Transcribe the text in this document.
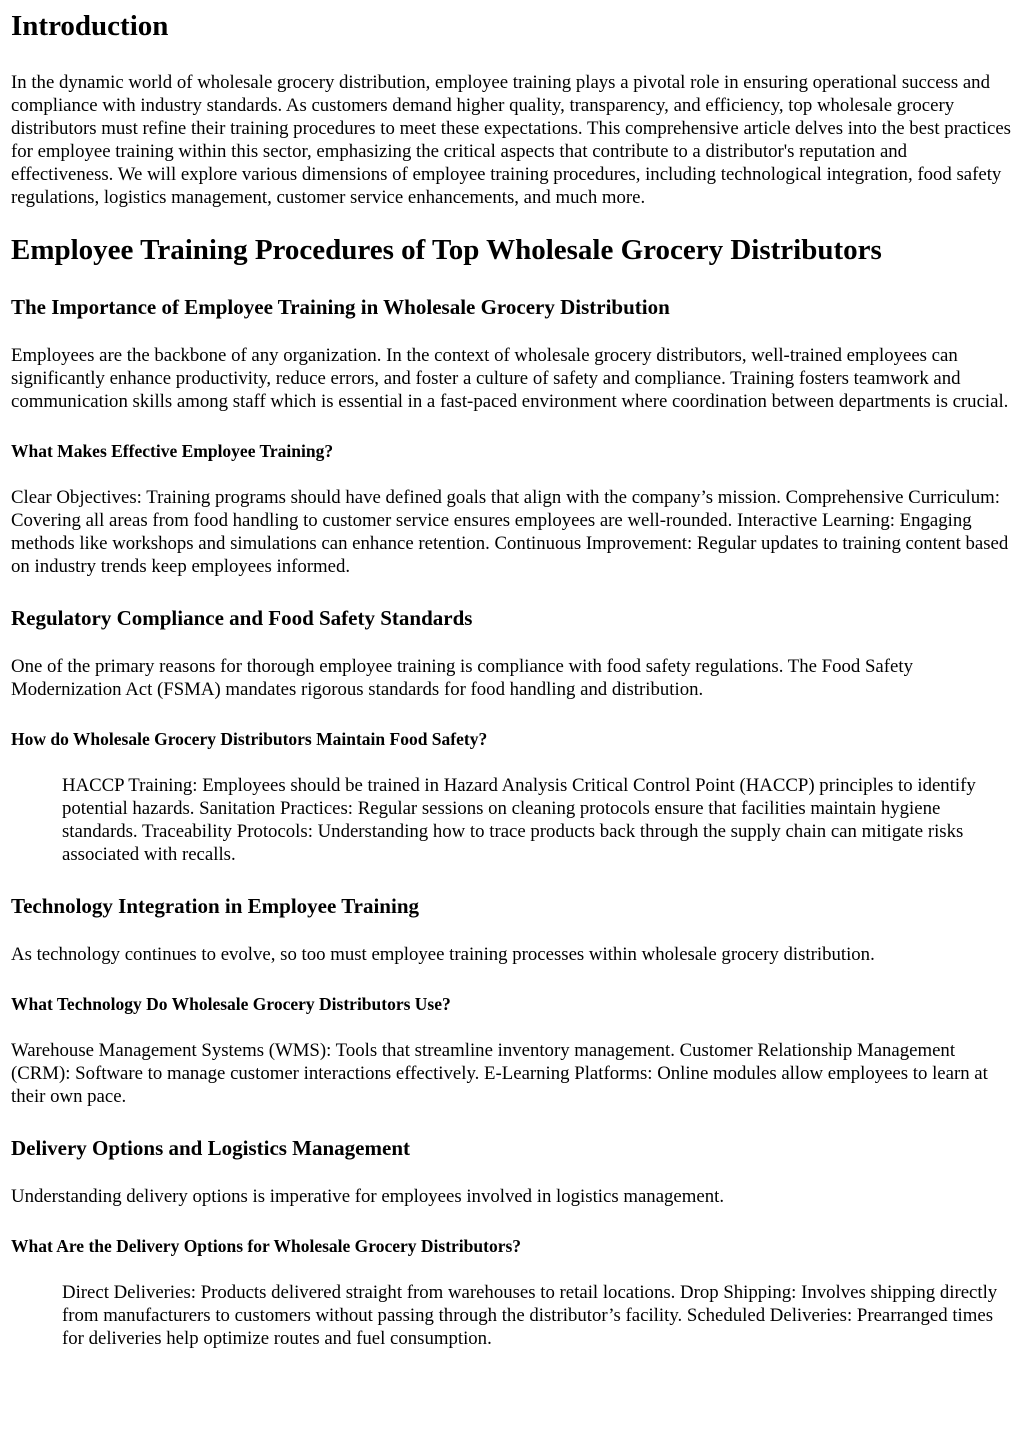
Introduction

In the dynamic world of wholesale grocery distribution, employee training plays a pivotal role in ensuring operational success and compliance with industry standards. As customers demand higher quality, transparency, and efficiency, top wholesale grocery distributors must refine their training procedures to meet these expectations. This comprehensive article delves into the best practices for employee training within this sector, emphasizing the critical aspects that contribute to a distributor's reputation and effectiveness. We will explore various dimensions of employee training procedures, including technological integration, food safety regulations, logistics management, customer service enhancements, and much more.

Employee Training Procedures of Top Wholesale Grocery Distributors
The Importance of Employee Training in Wholesale Grocery Distribution

Employees are the backbone of any organization. In the context of wholesale grocery distributors, well-trained employees can significantly enhance productivity, reduce errors, and foster a culture of safety and compliance. Training fosters teamwork and communication skills among staff which is essential in a fast-paced environment where coordination between departments is crucial.

What Makes Effective Employee Training?

Clear Objectives: Training programs should have defined goals that align with the company’s mission. Comprehensive Curriculum: Covering all areas from food handling to customer service ensures employees are well-rounded. Interactive Learning: Engaging methods like workshops and simulations can enhance retention. Continuous Improvement: Regular updates to training content based on industry trends keep employees informed.

Regulatory Compliance and Food Safety Standards

One of the primary reasons for thorough employee training is compliance with food safety regulations. The Food Safety Modernization Act (FSMA) mandates rigorous standards for food handling and distribution.

How do Wholesale Grocery Distributors Maintain Food Safety?
HACCP Training: Employees should be trained in Hazard Analysis Critical Control Point (HACCP) principles to identify potential hazards. Sanitation Practices: Regular sessions on cleaning protocols ensure that facilities maintain hygiene standards. Traceability Protocols: Understanding how to trace products back through the supply chain can mitigate risks associated with recalls.
Technology Integration in Employee Training

As technology continues to evolve, so too must employee training processes within wholesale grocery distribution.

What Technology Do Wholesale Grocery Distributors Use?

Warehouse Management Systems (WMS): Tools that streamline inventory management. Customer Relationship Management (CRM): Software to manage customer interactions effectively. E-Learning Platforms: Online modules allow employees to learn at their own pace.

Delivery Options and Logistics Management

Understanding delivery options is imperative for employees involved in logistics management.

What Are the Delivery Options for Wholesale Grocery Distributors?
Direct Deliveries: Products delivered straight from warehouses to retail locations. Drop Shipping: Involves shipping directly from manufacturers to customers without passing through the distributor’s facility. Scheduled Deliveries: Prearranged times for deliveries help optimize routes and fuel consumption.
